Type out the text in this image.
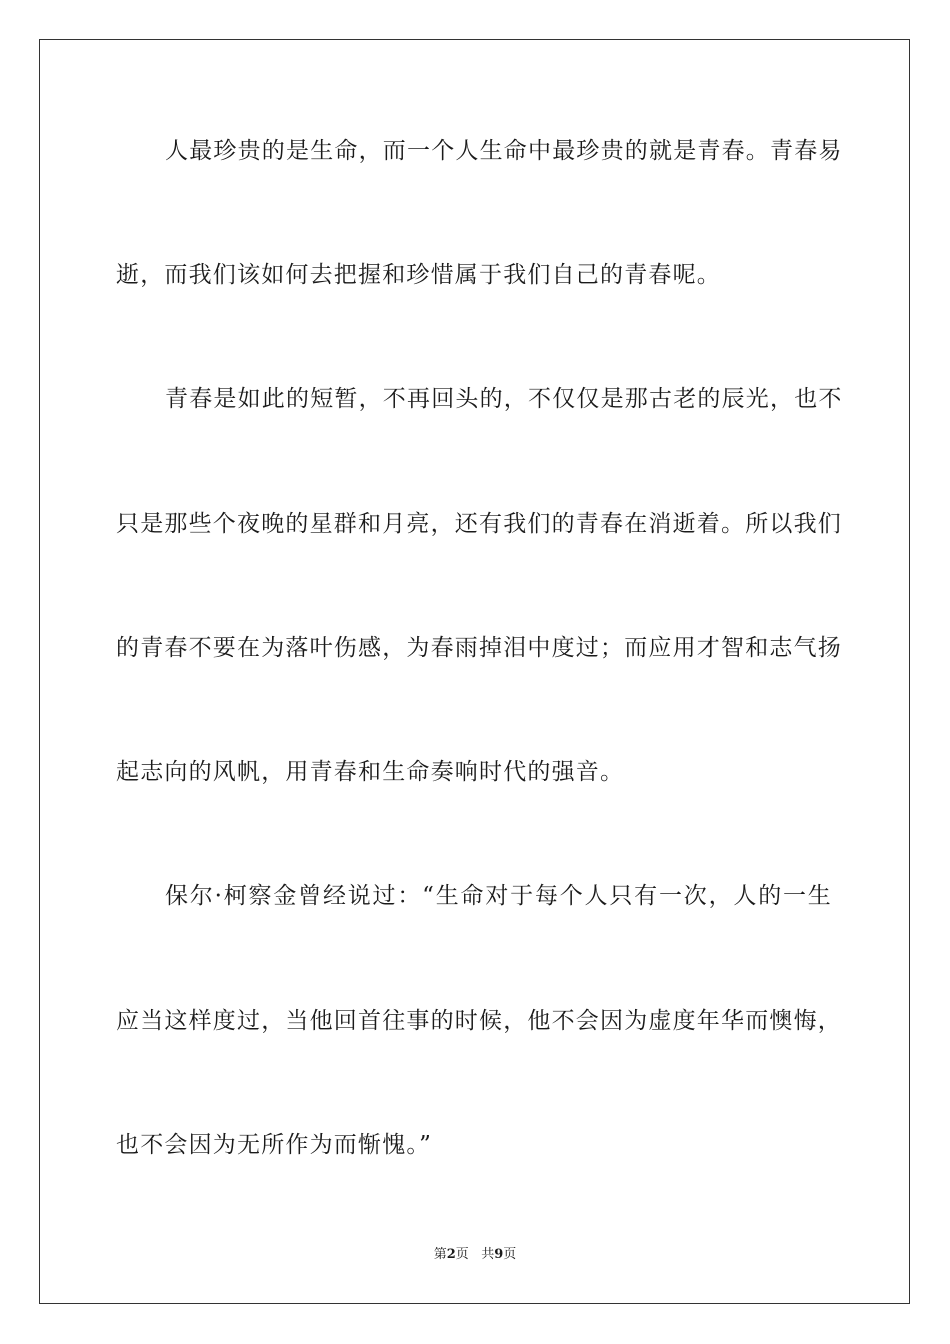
人最珍贵的是生命，而一个人生命中最珍贵的就是青春。青春易
逝，而我们该如何去把握和珍惜属于我们自己的青春呢。
青春是如此的短暂，不再回头的，不仅仅是那古老的辰光，也不
只是那些个夜晚的星群和月亮，还有我们的青春在消逝着。所以我们
的青春不要在为落叶伤感，为春雨掉泪中度过；而应用才智和志气扬
起志向的风帆，用青春和生命奏响时代的强音。
保尔·柯察金曾经说过：“生命对于每个人只有一次，人的一生
应当这样度过，当他回首往事的时候，他不会因为虚度年华而懊悔，
也不会因为无所作为而惭愧。”
第2页   共9页
